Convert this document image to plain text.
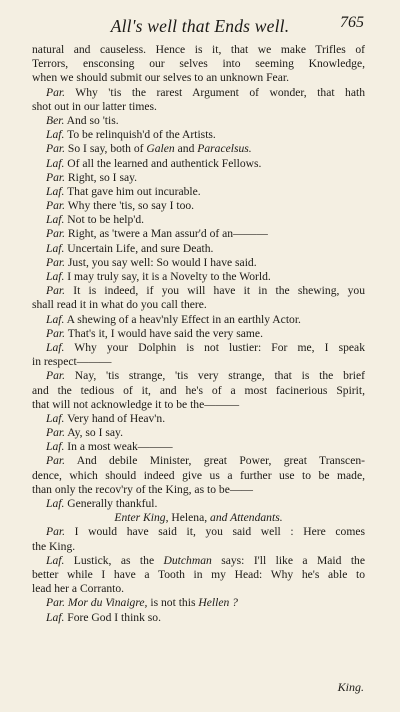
All's well that Ends well.	765
natural and causeless. Hence is it, that we make Trifles of
Terrors, ensconsing our selves into seeming Knowledge,
when we should submit our selves to an unknown Fear.
Par. Why 'tis the rarest Argument of wonder, that hath
shot out in our latter times.
Ber. And so 'tis.
Laf. To be relinquish'd of the Artists.
Par. So I say, both of Galen and Paracelsus.
Laf. Of all the learned and authentick Fellows.
Par. Right, so I say.
Laf. That gave him out incurable.
Par. Why there 'tis, so say I too.
Laf. Not to be help'd.
Par. Right, as 'twere a Man assur'd of an———
Laf. Uncertain Life, and sure Death.
Par. Just, you say well: So would I have said.
Laf. I may truly say, it is a Novelty to the World.
Par. It is indeed, if you will have it in the shewing, you
shall read it in what do you call there.
Laf. A shewing of a heav'nly Effect in an earthly Actor.
Par. That's it, I would have said the very same.
Laf. Why your Dolphin is not lustier: For me, I speak
in respect———
Par. Nay, 'tis strange, 'tis very strange, that is the brief
and the tedious of it, and he's of a most facinerious Spirit,
that will not acknowledge it to be the———
Laf. Very hand of Heav'n.
Par. Ay, so I say.
Laf. In a most weak———
Par. And debile Minister, great Power, great Transcen-
dence, which should indeed give us a further use to be made,
than only the recov'ry of the King, as to be——
Laf. Generally thankful.
Enter King, Helena, and Attendants.
Par. I would have said it, you said well : Here comes
the King.
Laf. Lustick, as the Dutchman says: I'll like a Maid the
better while I have a Tooth in my Head: Why he's able to
lead her a Corranto.
Par. Mor du Vinaigre, is not this Hellen ?
Laf. Fore God I think so.
King.
